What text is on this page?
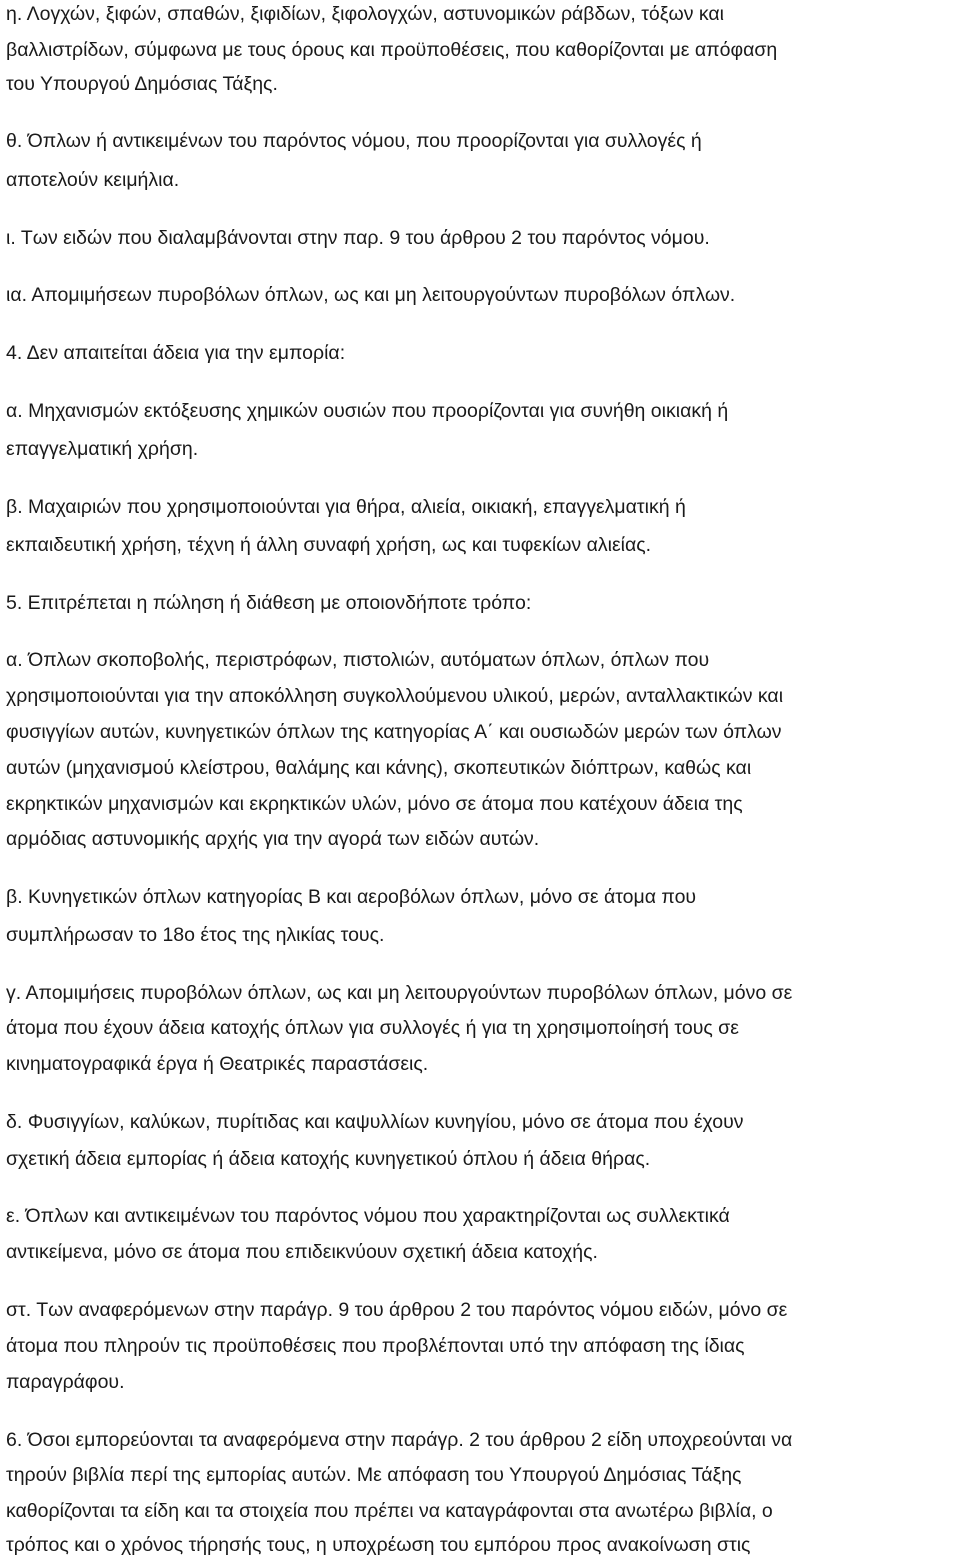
η. Λογχών, ξιφών, σπαθών, ξιφιδίων, ξιφολογχών, αστυνομικών ράβδων, τόξων και
βαλλιστρίδων, σύμφωνα με τους όρους και προϋποθέσεις, που καθορίζονται με απόφαση
του Υπουργού Δημόσιας Τάξης.
θ. Όπλων ή αντικειμένων του παρόντος νόμου, που προορίζονται για συλλογές ή
αποτελούν κειμήλια.
ι. Των ειδών που διαλαμβάνονται στην παρ. 9 του άρθρου 2 του παρόντος νόμου.
ια. Απομιμήσεων πυροβόλων όπλων, ως και μη λειτουργούντων πυροβόλων όπλων.
4. Δεν απαιτείται άδεια για την εμπορία:
α. Μηχανισμών εκτόξευσης χημικών ουσιών που προορίζονται για συνήθη οικιακή ή
επαγγελματική χρήση.
β. Μαχαιριών που χρησιμοποιούνται για θήρα, αλιεία, οικιακή, επαγγελματική ή
εκπαιδευτική χρήση, τέχνη ή άλλη συναφή χρήση, ως και τυφεκίων αλιείας.
5. Επιτρέπεται η πώληση ή διάθεση με οποιονδήποτε τρόπο:
α. Όπλων σκοποβολής, περιστρόφων, πιστολιών, αυτόματων όπλων, όπλων που
χρησιμοποιούνται για την αποκόλληση συγκολλούμενου υλικού, μερών, ανταλλακτικών και
φυσιγγίων αυτών, κυνηγετικών όπλων της κατηγορίας Α΄ και ουσιωδών μερών των όπλων
αυτών (μηχανισμού κλείστρου, θαλάμης και κάνης), σκοπευτικών διόπτρων, καθώς και
εκρηκτικών μηχανισμών και εκρηκτικών υλών, μόνο σε άτομα που κατέχουν άδεια της
αρμόδιας αστυνομικής αρχής για την αγορά των ειδών αυτών.
β. Κυνηγετικών όπλων κατηγορίας Β και αεροβόλων όπλων, μόνο σε άτομα που
συμπλήρωσαν το 18ο έτος της ηλικίας τους.
γ. Απομιμήσεις πυροβόλων όπλων, ως και μη λειτουργούντων πυροβόλων όπλων, μόνο σε
άτομα που έχουν άδεια κατοχής όπλων για συλλογές ή για τη χρησιμοποίησή τους σε
κινηματογραφικά έργα ή Θεατρικές παραστάσεις.
δ. Φυσιγγίων, καλύκων, πυρίτιδας και καψυλλίων κυνηγίου, μόνο σε άτομα που έχουν
σχετική άδεια εμπορίας ή άδεια κατοχής κυνηγετικού όπλου ή άδεια θήρας.
ε. Όπλων και αντικειμένων του παρόντος νόμου που χαρακτηρίζονται ως συλλεκτικά
αντικείμενα, μόνο σε άτομα που επιδεικνύουν σχετική άδεια κατοχής.
στ. Των αναφερόμενων στην παράγρ. 9 του άρθρου 2 του παρόντος νόμου ειδών, μόνο σε
άτομα που πληρούν τις προϋποθέσεις που προβλέπονται υπό την απόφαση της ίδιας
παραγράφου.
6. Όσοι εμπορεύονται τα αναφερόμενα στην παράγρ. 2 του άρθρου 2 είδη υποχρεούνται να
τηρούν βιβλία περί της εμπορίας αυτών. Με απόφαση του Υπουργού Δημόσιας Τάξης
καθορίζονται τα είδη και τα στοιχεία που πρέπει να καταγράφονται στα ανωτέρω βιβλία, ο
τρόπος και ο χρόνος τήρησής τους, η υποχρέωση του εμπόρου προς ανακοίνωση στις
